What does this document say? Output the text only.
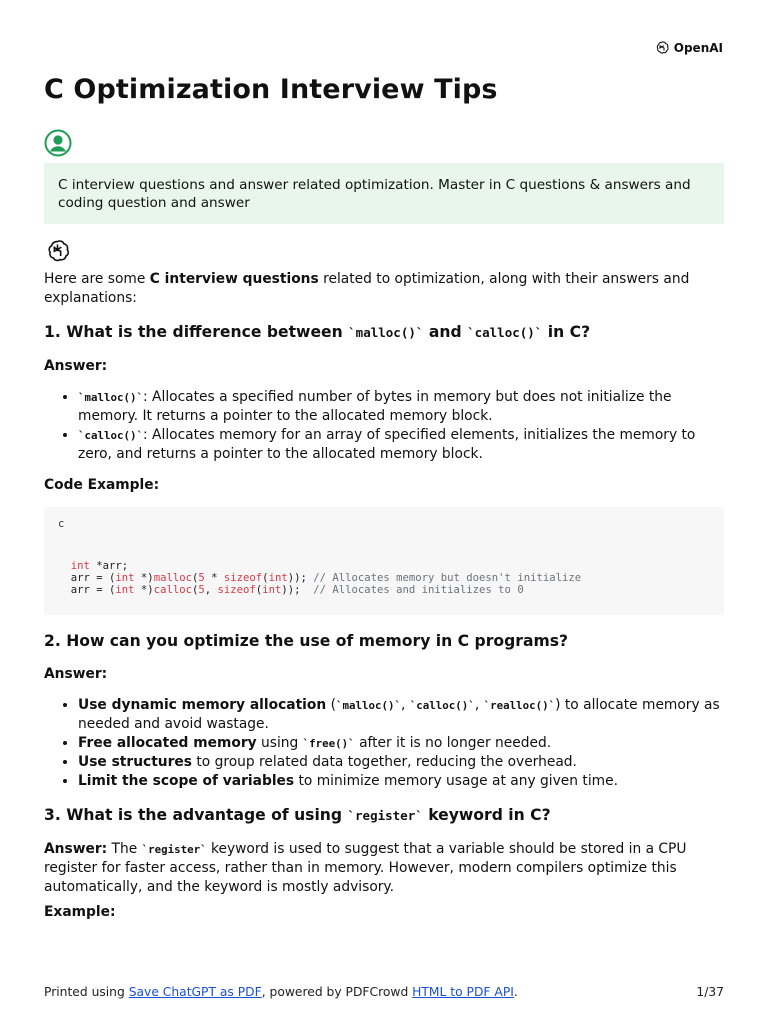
OpenAI
C Optimization Interview Tips
C interview questions and answer related optimization. Master in C questions & answers and coding question and answer

Here are some C interview questions related to optimization, along with their answers and explanations:

1. What is the difference between `malloc()` and `calloc()` in C?

Answer:

• `malloc()`: Allocates a specified number of bytes in memory but does not initialize the memory. It returns a pointer to the allocated memory block.
• `calloc()`: Allocates memory for an array of specified elements, initializes the memory to zero, and returns a pointer to the allocated memory block.

Code Example:

c
int *arr;
arr = (int *)malloc(5 * sizeof(int)); // Allocates memory but doesn't initialize
arr = (int *)calloc(5, sizeof(int));  // Allocates and initializes to 0
2. How can you optimize the use of memory in C programs?

Answer:

• Use dynamic memory allocation (`malloc()`, `calloc()`, `realloc()`) to allocate memory as needed and avoid wastage.
• Free allocated memory using `free()` after it is no longer needed.
• Use structures to group related data together, reducing the overhead.
• Limit the scope of variables to minimize memory usage at any given time.
3. What is the advantage of using `register` keyword in C?

Answer: The `register` keyword is used to suggest that a variable should be stored in a CPU register for faster access, rather than in memory. However, modern compilers optimize this automatically, and the keyword is mostly advisory.

Example:

Printed using Save ChatGPT as PDF, powered by PDFCrowd HTML to PDF API.	1/37
